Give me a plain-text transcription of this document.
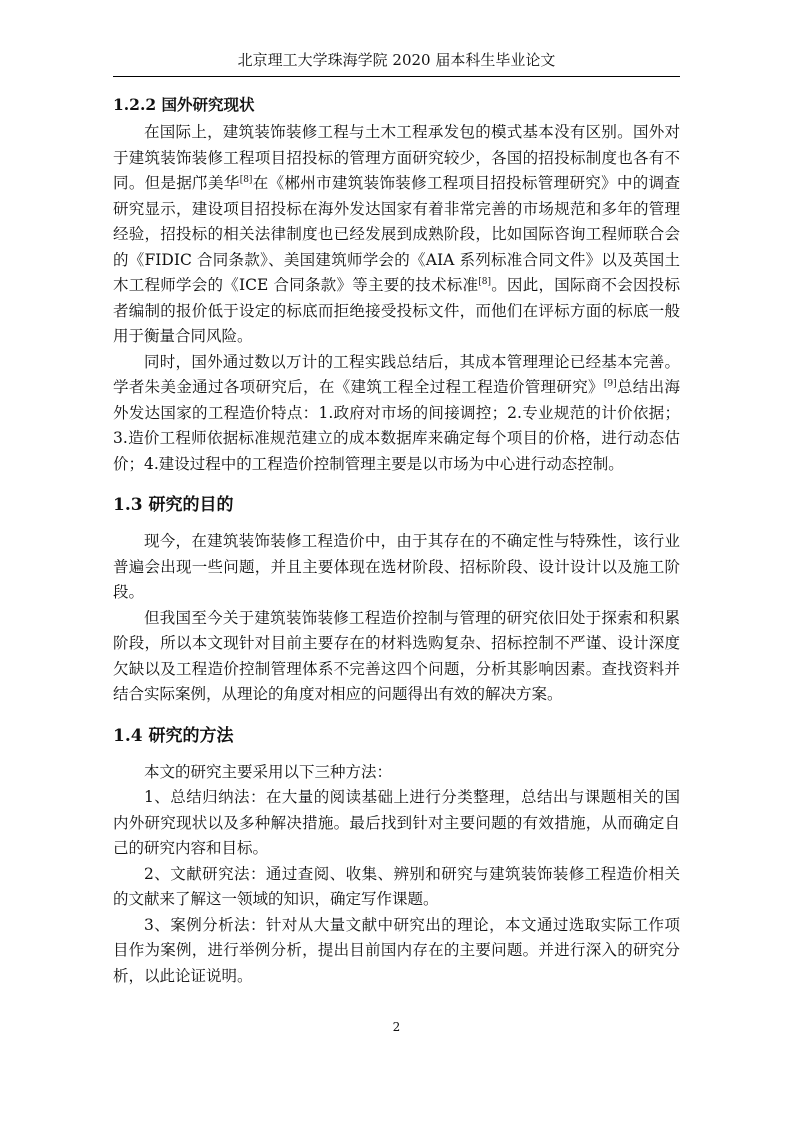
北京理工大学珠海学院 2020 届本科生毕业论文
1.2.2 国外研究现状

在国际上，建筑装饰装修工程与土木工程承发包的模式基本没有区别。国外对于建筑装饰装修工程项目招投标的管理方面研究较少，各国的招投标制度也各有不同。但是据邝美华[8]在《郴州市建筑装饰装修工程项目招投标管理研究》中的调查研究显示，建设项目招投标在海外发达国家有着非常完善的市场规范和多年的管理经验，招投标的相关法律制度也已经发展到成熟阶段，比如国际咨询工程师联合会的《FIDIC 合同条款》、美国建筑师学会的《AIA 系列标准合同文件》以及英国土木工程师学会的《ICE 合同条款》等主要的技术标准[8]。因此，国际商不会因投标者编制的报价低于设定的标底而拒绝接受投标文件，而他们在评标方面的标底一般用于衡量合同风险。

同时，国外通过数以万计的工程实践总结后，其成本管理理论已经基本完善。学者朱美金通过各项研究后，在《建筑工程全过程工程造价管理研究》[9]总结出海外发达国家的工程造价特点：1.政府对市场的间接调控；2.专业规范的计价依据；3.造价工程师依据标准规范建立的成本数据库来确定每个项目的价格，进行动态估价；4.建设过程中的工程造价控制管理主要是以市场为中心进行动态控制。

1.3 研究的目的

现今，在建筑装饰装修工程造价中，由于其存在的不确定性与特殊性，该行业普遍会出现一些问题，并且主要体现在选材阶段、招标阶段、设计设计以及施工阶段。

但我国至今关于建筑装饰装修工程造价控制与管理的研究依旧处于探索和积累阶段，所以本文现针对目前主要存在的材料选购复杂、招标控制不严谨、设计深度欠缺以及工程造价控制管理体系不完善这四个问题，分析其影响因素。查找资料并结合实际案例，从理论的角度对相应的问题得出有效的解决方案。

1.4 研究的方法

本文的研究主要采用以下三种方法：

1、总结归纳法：在大量的阅读基础上进行分类整理，总结出与课题相关的国内外研究现状以及多种解决措施。最后找到针对主要问题的有效措施，从而确定自己的研究内容和目标。

2、文献研究法：通过查阅、收集、辨别和研究与建筑装饰装修工程造价相关的文献来了解这一领域的知识，确定写作课题。

3、案例分析法：针对从大量文献中研究出的理论，本文通过选取实际工作项目作为案例，进行举例分析，提出目前国内存在的主要问题。并进行深入的研究分析，以此论证说明。

2
